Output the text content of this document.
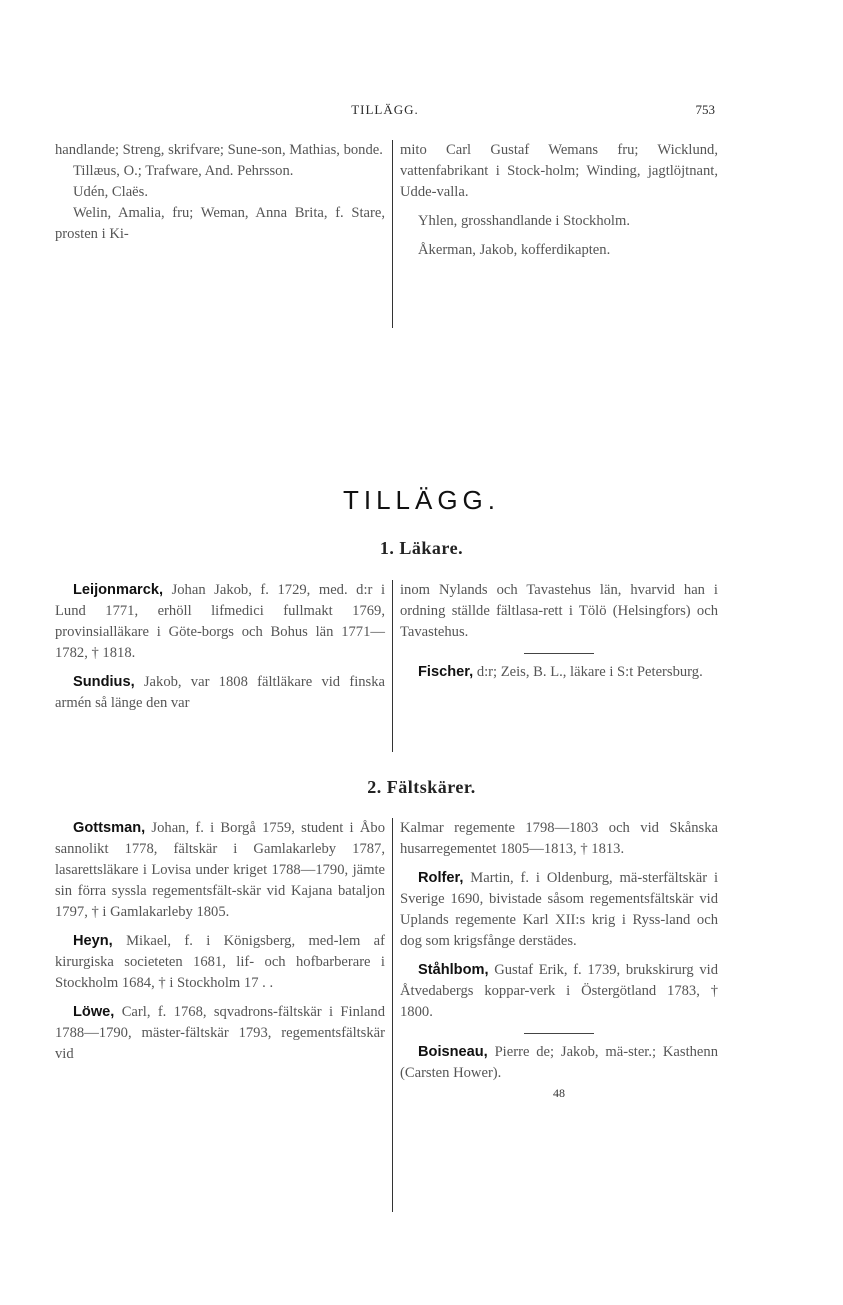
TILLÄGG.	753

handlande; Streng, skrifvare; Sune-son, Mathias, bonde.

Tillæus, O.; Trafware, And. Pehrsson.

Udén, Claës.

Welin, Amalia, fru; Weman, Anna Brita, f. Stare, prosten i Ki-

mito Carl Gustaf Wemans fru; Wicklund, vattenfabrikant i Stock-holm; Winding, jagtlöjtnant, Udde-valla.

Yhlen, grosshandlande i Stockholm.

Åkerman, Jakob, kofferdikapten.

TILLÄGG.
1. Läkare.

Leijonmarck, Johan Jakob, f. 1729, med. d:r i Lund 1771, erhöll lifmedici fullmakt 1769, provinsialläkare i Göte-borgs och Bohus län 1771—1782, † 1818.

Sundius, Jakob, var 1808 fältläkare vid finska armén så länge den var

inom Nylands och Tavastehus län, hvarvid han i ordning ställde fältlasa-rett i Tölö (Helsingfors) och Tavastehus.

Fischer, d:r; Zeis, B. L., läkare i S:t Petersburg.

2. Fältskärer.

Gottsman, Johan, f. i Borgå 1759, student i Åbo sannolikt 1778, fältskär i Gamlakarleby 1787, lasarettsläkare i Lovisa under kriget 1788—1790, jämte sin förra syssla regementsfält-skär vid Kajana bataljon 1797, † i Gamlakarleby 1805.

Heyn, Mikael, f. i Königsberg, med-lem af kirurgiska societeten 1681, lif- och hofbarberare i Stockholm 1684, † i Stockholm 17 . .

Löwe, Carl, f. 1768, sqvadrons-fältskär i Finland 1788—1790, mäster-fältskär 1793, regementsfältskär vid

Kalmar regemente 1798—1803 och vid Skånska husarregementet 1805—1813, † 1813.

Rolfer, Martin, f. i Oldenburg, mä-sterfältskär i Sverige 1690, bivistade såsom regementsfältskär vid Uplands regemente Karl XII:s krig i Ryss-land och dog som krigsfånge derstädes.

Ståhlbom, Gustaf Erik, f. 1739, brukskirurg vid Åtvedabergs koppar-verk i Östergötland 1783, † 1800.

Boisneau, Pierre de; Jakob, mä-ster.; Kasthenn (Carsten Hower).

48
